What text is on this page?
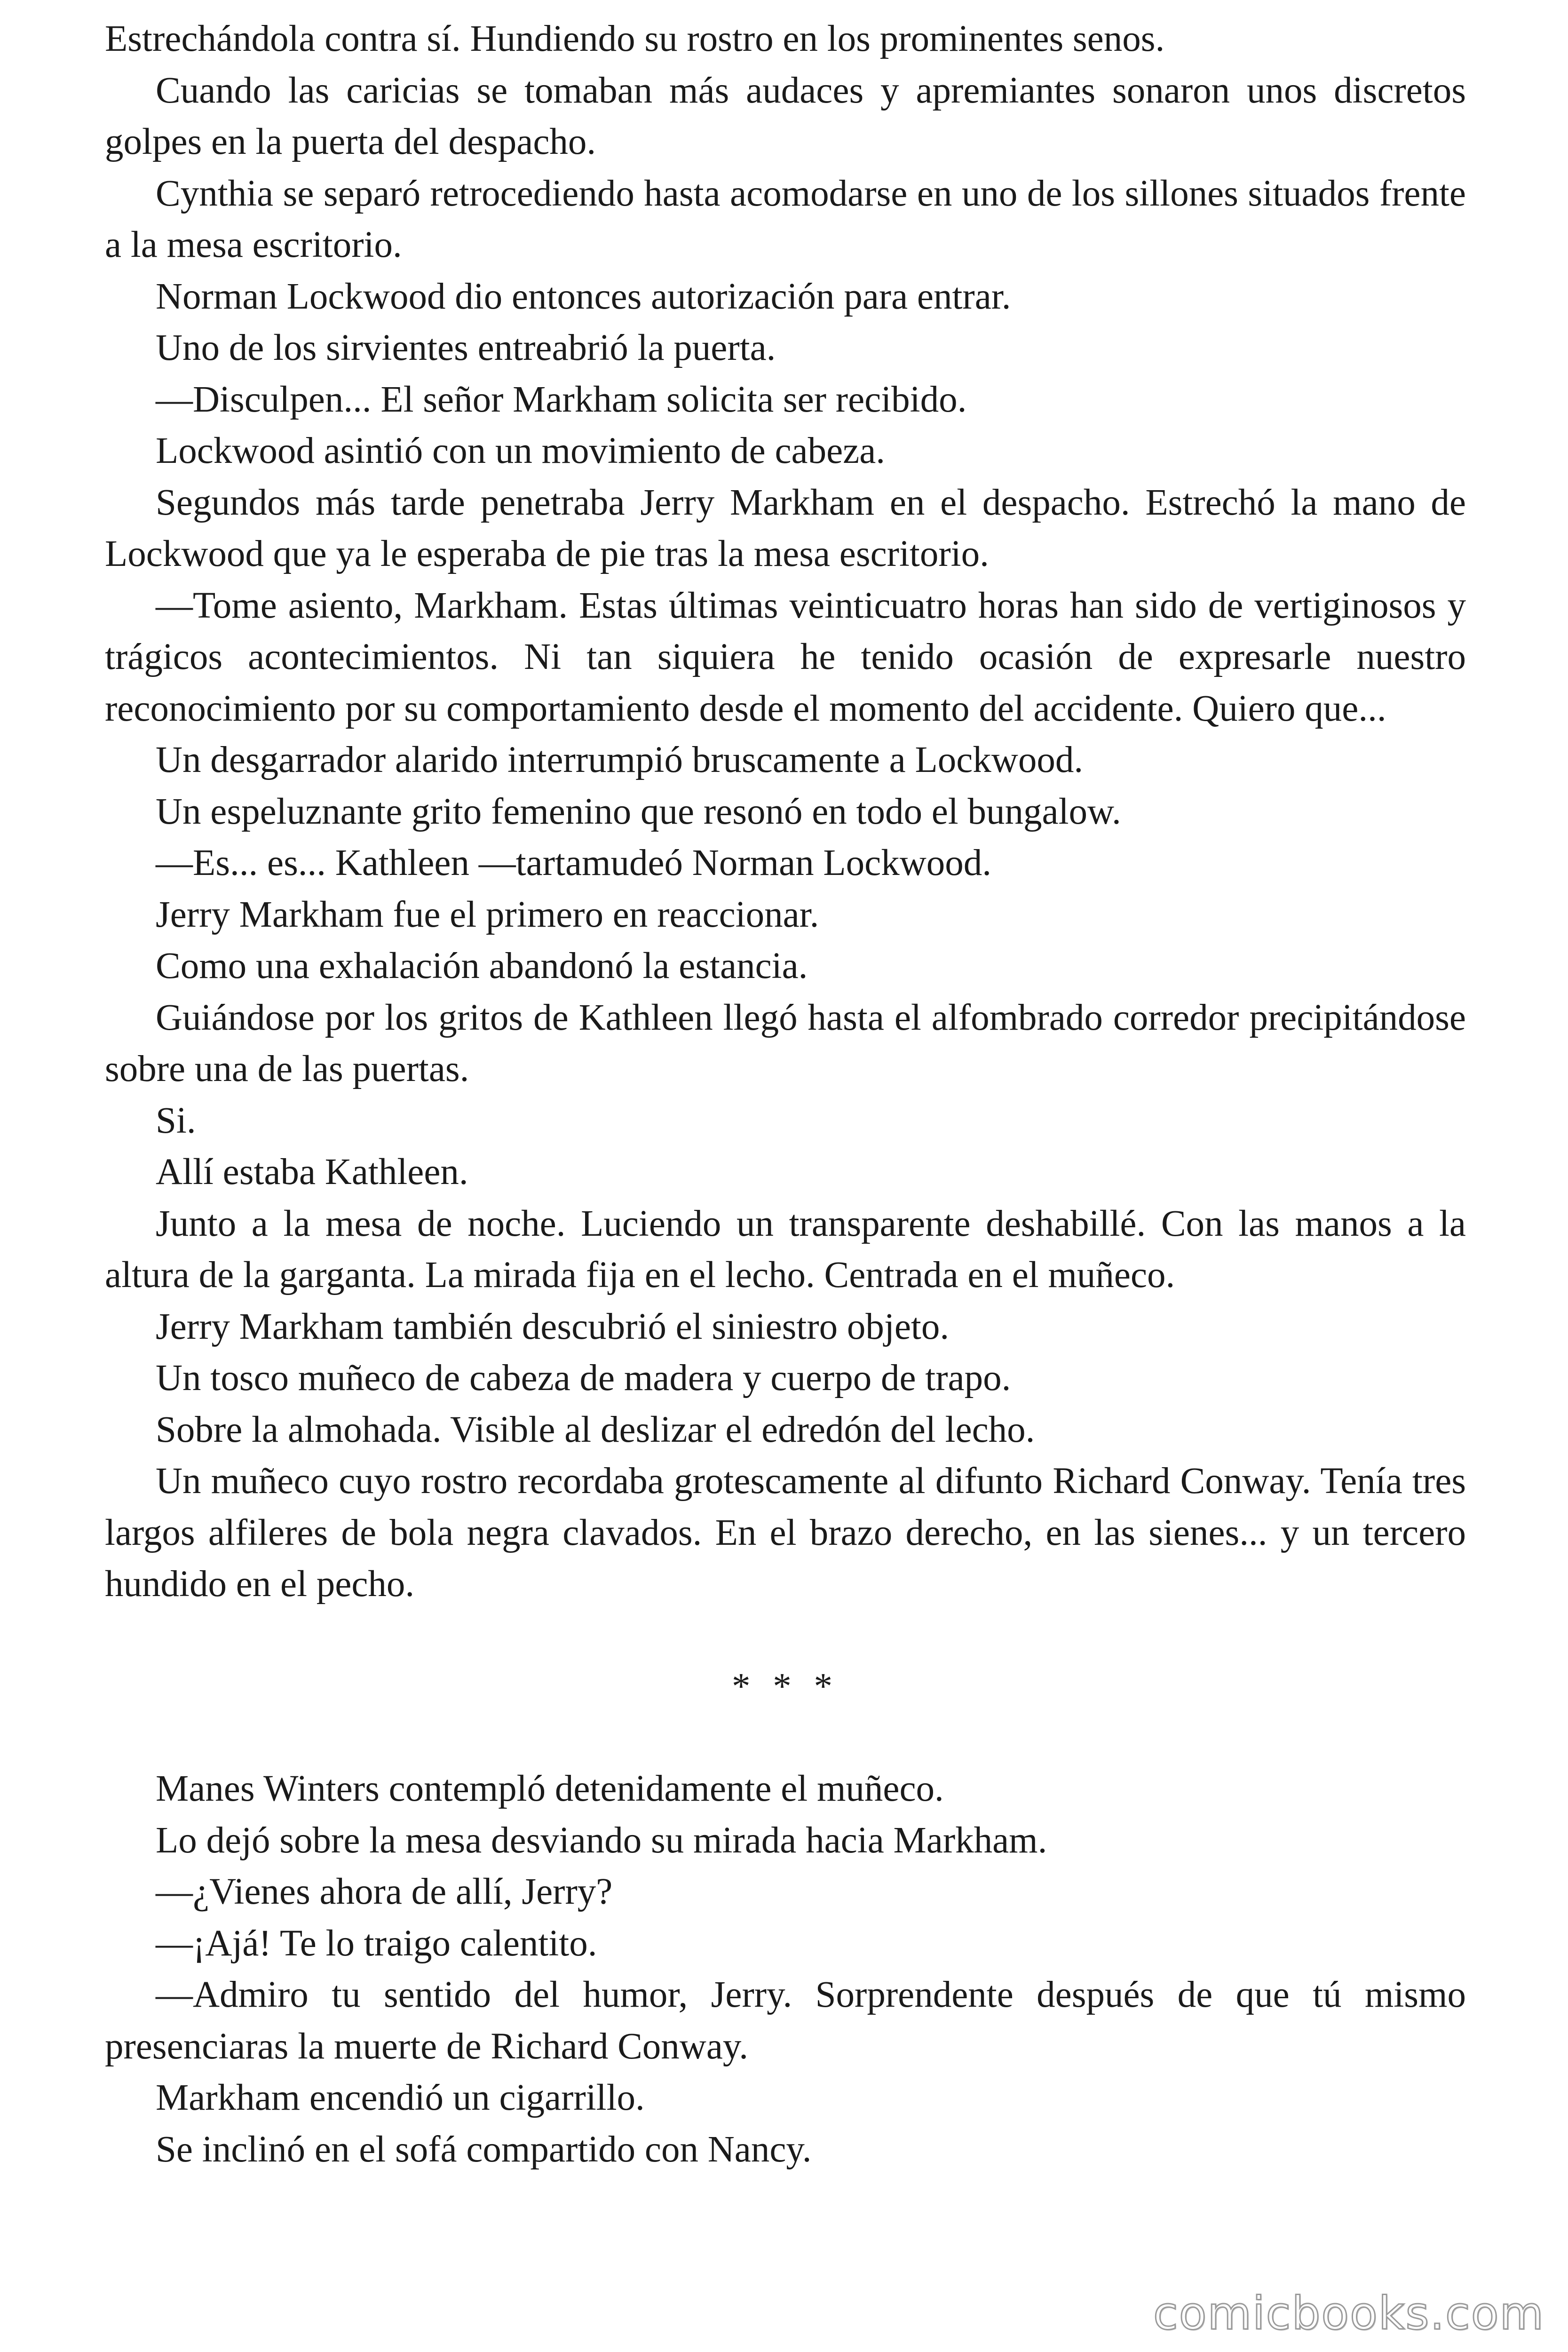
Estrechándola contra sí. Hundiendo su rostro en los prominentes senos.

Cuando las caricias se tomaban más audaces y apremiantes sonaron unos discretos golpes en la puerta del despacho.

Cynthia se separó retrocediendo hasta acomodarse en uno de los sillones situados frente a la mesa escritorio.

Norman Lockwood dio entonces autorización para entrar.

Uno de los sirvientes entreabrió la puerta.

—Disculpen... El señor Markham solicita ser recibido.

Lockwood asintió con un movimiento de cabeza.

Segundos más tarde penetraba Jerry Markham en el despacho. Estrechó la mano de Lockwood que ya le esperaba de pie tras la mesa escritorio.

—Tome asiento, Markham. Estas últimas veinticuatro horas han sido de vertiginosos y trágicos acontecimientos. Ni tan siquiera he tenido ocasión de expresarle nuestro reconocimiento por su comportamiento desde el momento del accidente. Quiero que...

Un desgarrador alarido interrumpió bruscamente a Lockwood.

Un espeluznante grito femenino que resonó en todo el bungalow.

—Es... es... Kathleen —tartamudeó Norman Lockwood.

Jerry Markham fue el primero en reaccionar.

Como una exhalación abandonó la estancia.

Guiándose por los gritos de Kathleen llegó hasta el alfombrado corredor precipitándose sobre una de las puertas.

Si.

Allí estaba Kathleen.

Junto a la mesa de noche. Luciendo un transparente deshabillé. Con las manos a la altura de la garganta. La mirada fija en el lecho. Centrada en el muñeco.

Jerry Markham también descubrió el siniestro objeto.

Un tosco muñeco de cabeza de madera y cuerpo de trapo.

Sobre la almohada. Visible al deslizar el edredón del lecho.

Un muñeco cuyo rostro recordaba grotescamente al difunto Richard Conway. Tenía tres largos alfileres de bola negra clavados. En el brazo derecho, en las sienes... y un tercero hundido en el pecho.

* * *

Manes Winters contempló detenidamente el muñeco.

Lo dejó sobre la mesa desviando su mirada hacia Markham.

—¿Vienes ahora de allí, Jerry?

—¡Ajá! Te lo traigo calentito.

—Admiro tu sentido del humor, Jerry. Sorprendente después de que tú mismo presenciaras la muerte de Richard Conway.

Markham encendió un cigarrillo.

Se inclinó en el sofá compartido con Nancy.

comicbooks.com
